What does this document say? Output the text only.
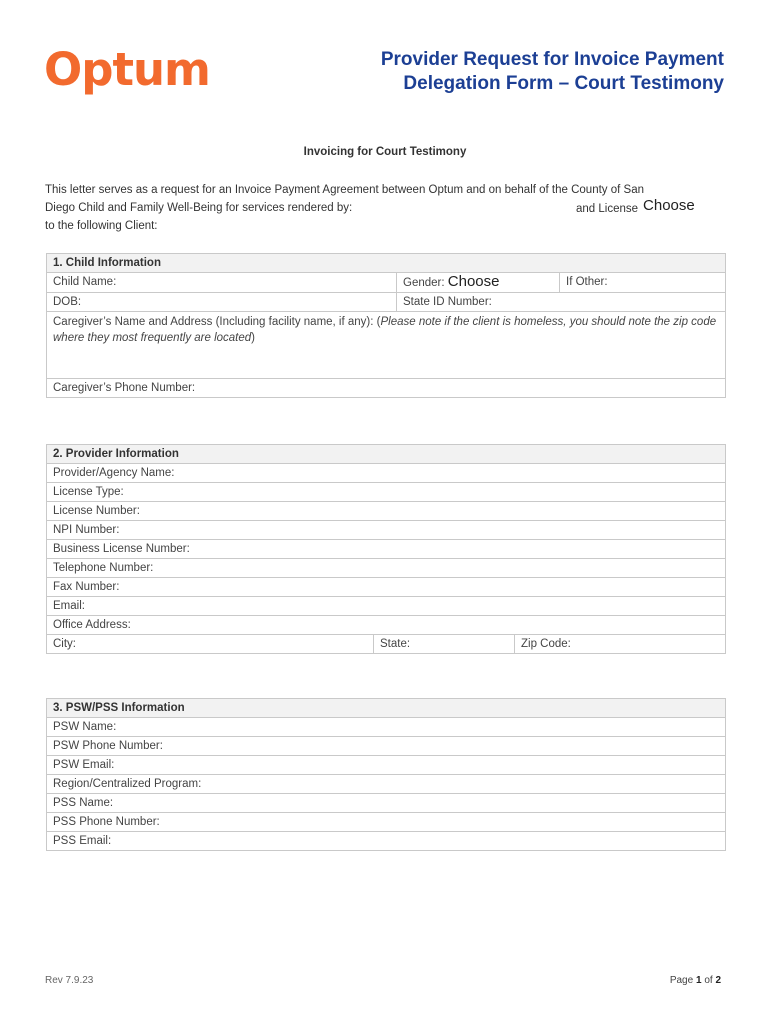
Optum	Provider Request for Invoice Payment
Delegation Form – Court Testimony
Invoicing for Court Testimony
This letter serves as a request for an Invoice Payment Agreement between Optum and on behalf of the County of San
Diego Child and Family Well-Being for services rendered by:	and License Choose
to the following Client:
1. Child Information		
Child Name:	Gender: Choose	If Other:
DOB:	State ID Number:	
Caregiver’s Name and Address (Including facility name, if any): (Please note if the client is homeless, you should note the zip code where they most frequently are located)		
Caregiver’s Phone Number:		
2. Provider Information
Provider/Agency Name:
License Type:
License Number:
NPI Number:
Business License Number:
Telephone Number:
Fax Number:
Email:
Office Address:
City:	State:	Zip Code:
3. PSW/PSS Information
PSW Name:
PSW Phone Number:
PSW Email:
Region/Centralized Program:
PSS Name:
PSS Phone Number:
PSS Email:
Rev 7.9.23	Page 1 of 2
